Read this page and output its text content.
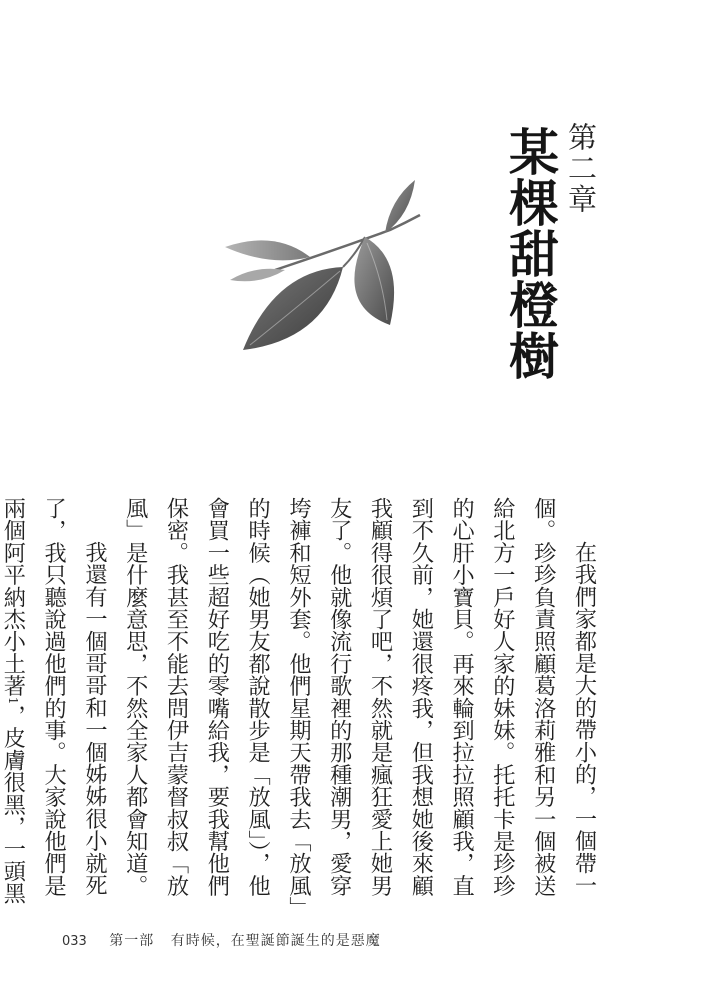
第二章
某棵甜橙樹

在我們家都是大的帶小的，一個帶一個。珍珍負責照顧葛洛莉雅和另一個被送給北方一戶好人家的妹妹。托托卡是珍珍的心肝小寶貝。再來輪到拉拉照顧我，直到不久前，她還很疼我，但我想她後來顧我顧得很煩了吧，不然就是瘋狂愛上她男友了。他就像流行歌裡的那種潮男，愛穿垮褲和短外套。他們星期天帶我去「放風」的時候（她男友都說散步是「放風」），他會買一些超好吃的零嘴給我，要我幫他們保密。我甚至不能去問伊吉蒙督叔叔「放風」是什麼意思，不然全家人都會知道。

我還有一個哥哥和一個姊姊很小就死了，我只聽說過他們的事。大家說他們是兩個阿平納杰小土著$^1$，皮膚很黑，一頭黑

033 第一部 有時候，在聖誕節誕生的是惡魔
